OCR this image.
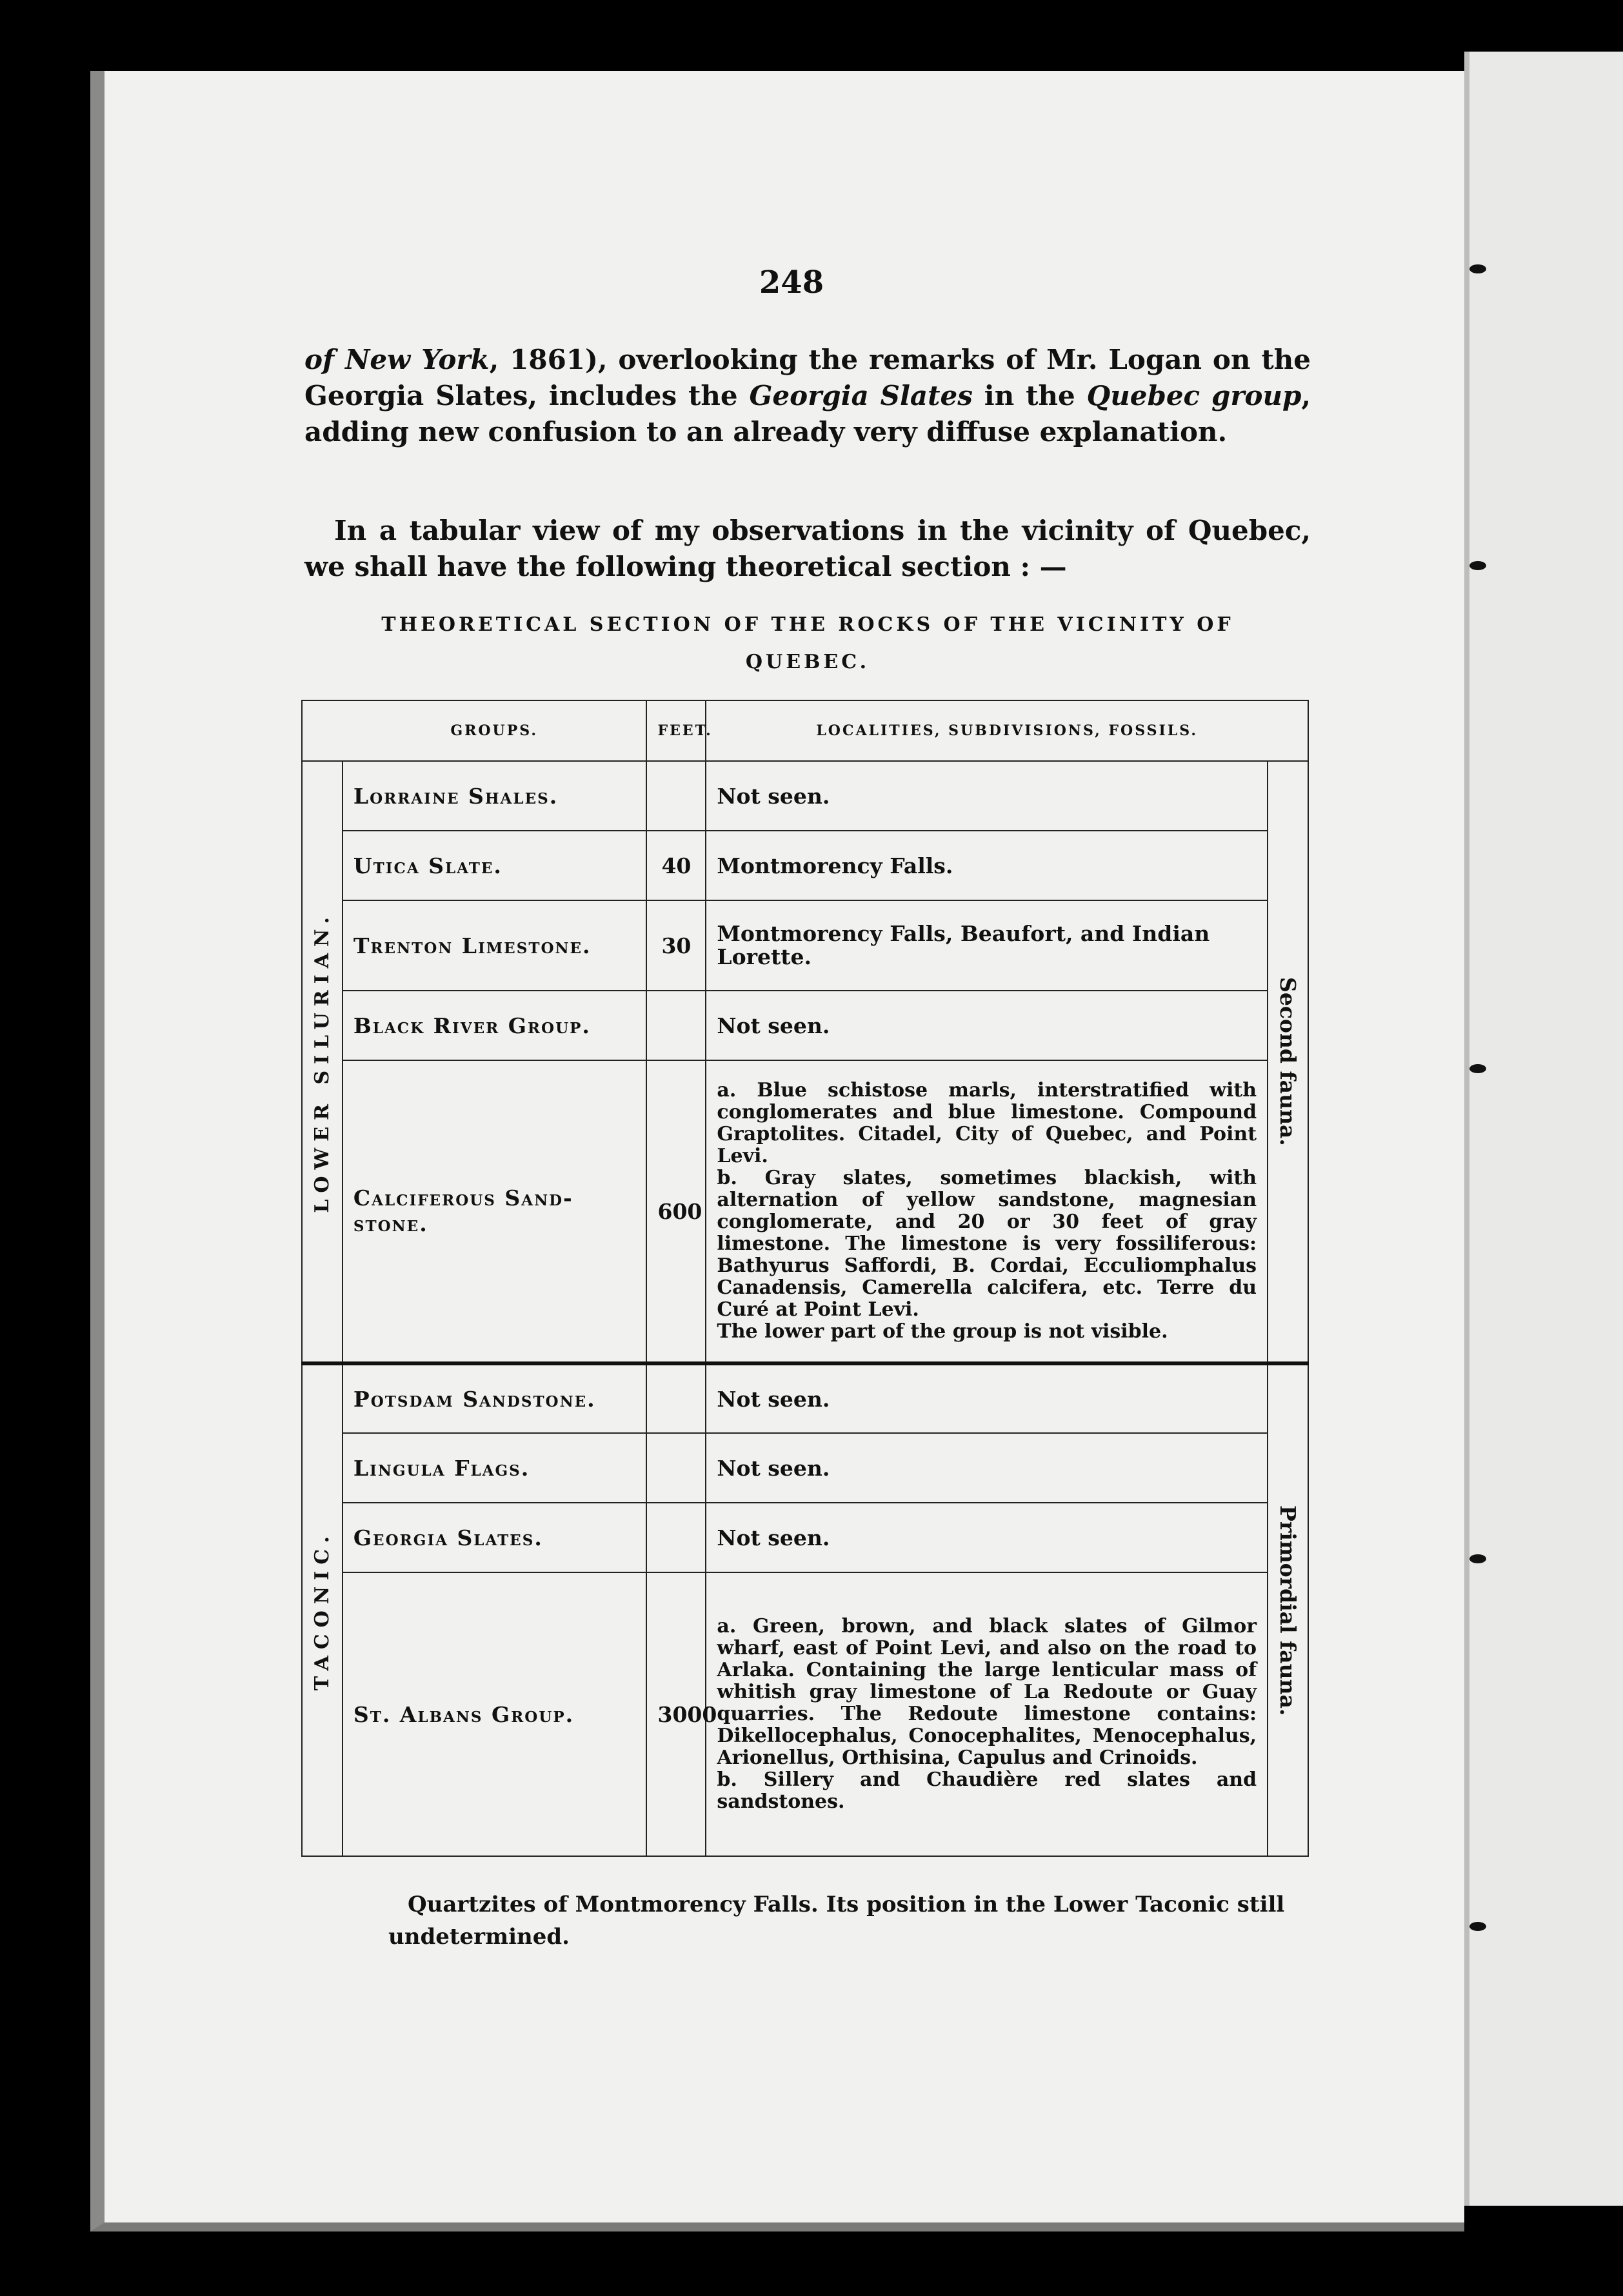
248
of New York, 1861), overlooking the remarks of Mr. Logan on the Georgia Slates, includes the Georgia Slates in the Quebec group, adding new confusion to an already very diffuse explanation.
In a tabular view of my observations in the vicinity of Quebec, we shall have the following theoretical section : —
THEORETICAL SECTION OF THE ROCKS OF THE VICINITY OF
QUEBEC.
	GROUPS.	FEET.	LOCALITIES, SUBDIVISIONS, FOSSILS.	

LOWER SILURIAN.	Lorraine Shales.		Not seen.	Second fauna.

	Utica Slate.	40	Montmorency Falls.	
	Trenton Limestone.	30	Montmorency Falls, Beaufort, and Indian Lorette.	
	Black River Group.		Not seen.	
	Calciferous Sand-stone.	600	a. Blue schistose marls, interstratified with conglomerates and blue limestone. Compound Graptolites. Citadel, City of Quebec, and Point Levi.
b. Gray slates, sometimes blackish, with alternation of yellow sandstone, magnesian conglomerate, and 20 or 30 feet of gray limestone. The limestone is very fossiliferous: Bathyurus Saffordi, B. Cordai, Ecculiomphalus Canadensis, Camerella calcifera, etc. Terre du Curé at Point Levi.
The lower part of the group is not visible.	

TACONIC.	Potsdam Sandstone.		Not seen.	Primordial fauna.

	Lingula Flags.		Not seen.	
	Georgia Slates.		Not seen.	
	St. Albans Group.	3000	a. Green, brown, and black slates of Gilmor wharf, east of Point Levi, and also on the road to Arlaka. Containing the large lenticular mass of whitish gray limestone of La Redoute or Guay quarries. The Redoute limestone contains: Dikellocephalus, Conocephalites, Menocephalus, Arionellus, Orthisina, Capulus and Crinoids.
b. Sillery and Chaudière red slates and sandstones.	
Quartzites of Montmorency Falls. Its position in the Lower Taconic still undetermined.
